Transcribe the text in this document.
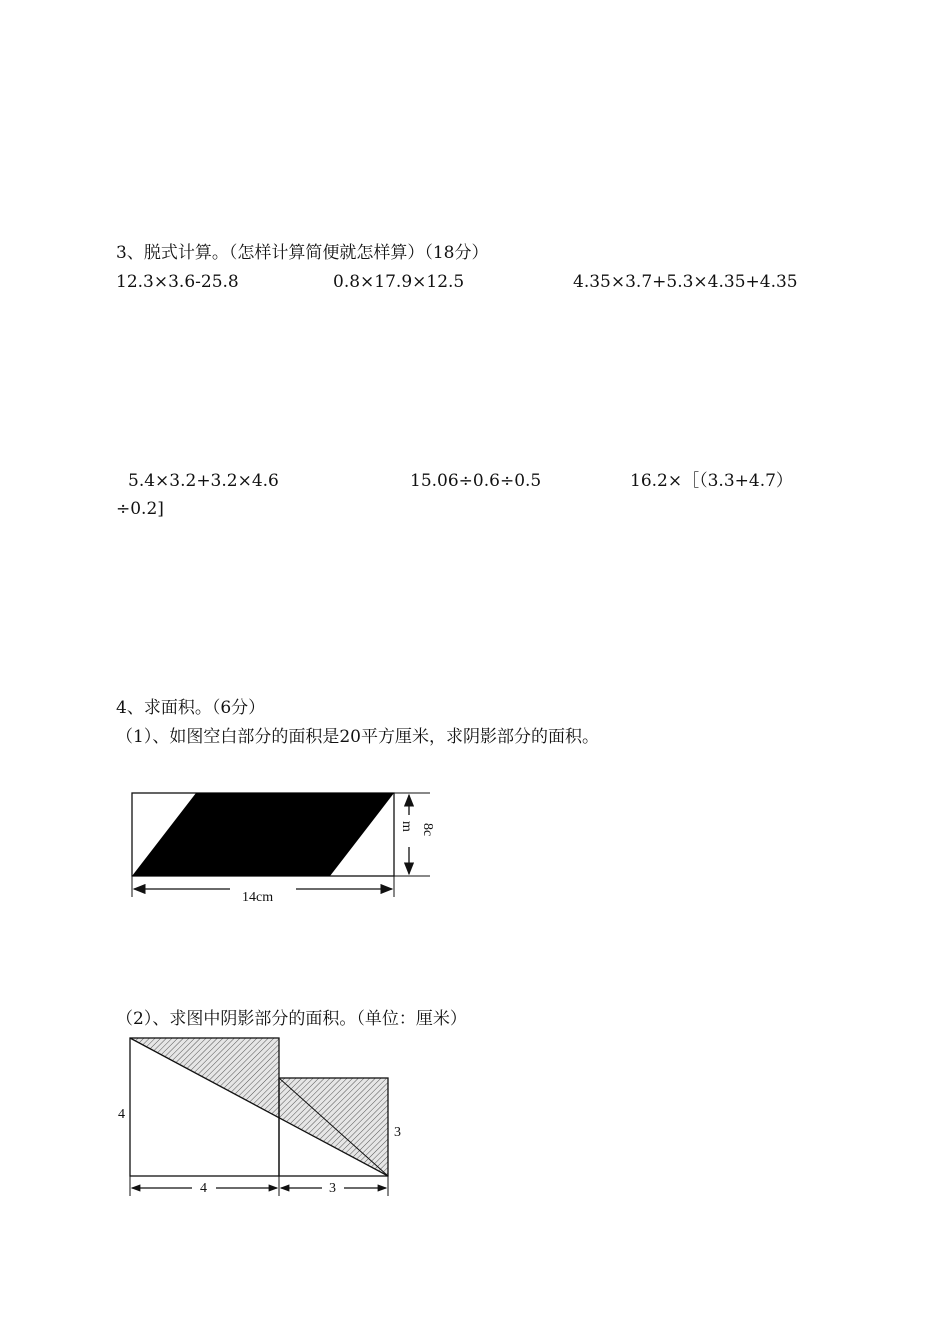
3、脱式计算。（怎样计算简便就怎样算）（18分）
12.3×3.6-25.8	0.8×17.9×12.5	4.35×3.7+5.3×4.35+4.35
5.4×3.2+3.2×4.6	15.06÷0.6÷0.5	16.2×［（3.3+4.7）
÷0.2]
4、求面积。（6分）
（1）、如图空白部分的面积是20平方厘米，求阴影部分的面积。
14cm
8c
m
（2）、求图中阴影部分的面积。（单位：厘米）
4
3
4	3
